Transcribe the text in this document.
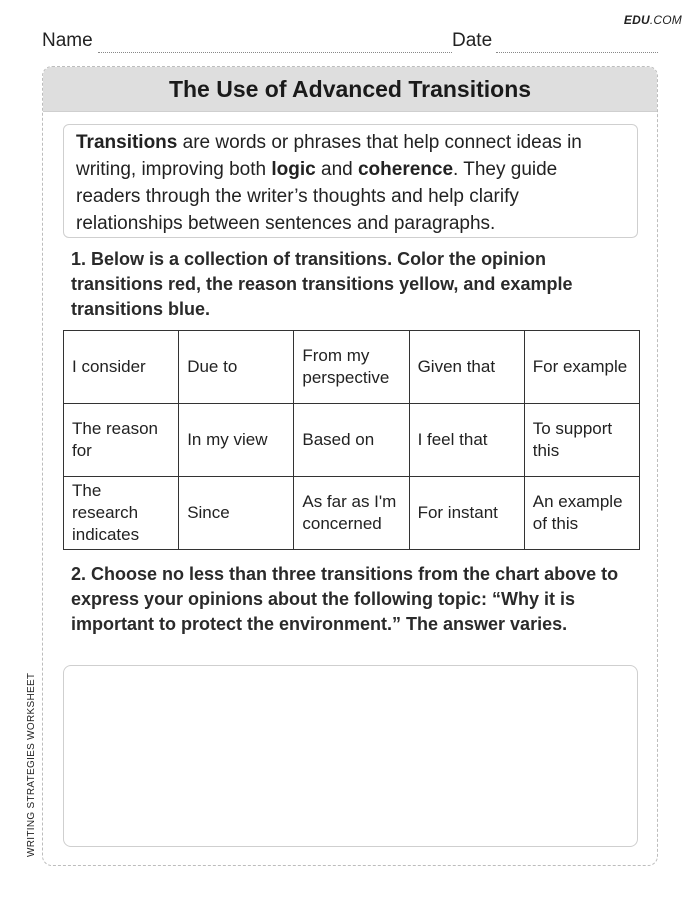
EDU.COM
Name	Date
WRITING STRATEGIES WORKSHEET
The Use of Advanced Transitions
Transitions are words or phrases that help connect ideas in writing, improving both logic and coherence. They guide readers through the writer’s thoughts and help clarify relationships between sentences and paragraphs.
1. Below is a collection of transitions. Color the opinion transitions red, the reason transitions yellow, and example transitions blue.
I consider	Due to	From my perspective	Given that	For example
The reason for	In my view	Based on	I feel that	To support this
The research indicates	Since	As far as I'm concerned	For instant	An example of this
2. Choose no less than three transitions from the chart above to express your opinions about the following topic: “Why it is important to protect the environment.” The answer varies.
